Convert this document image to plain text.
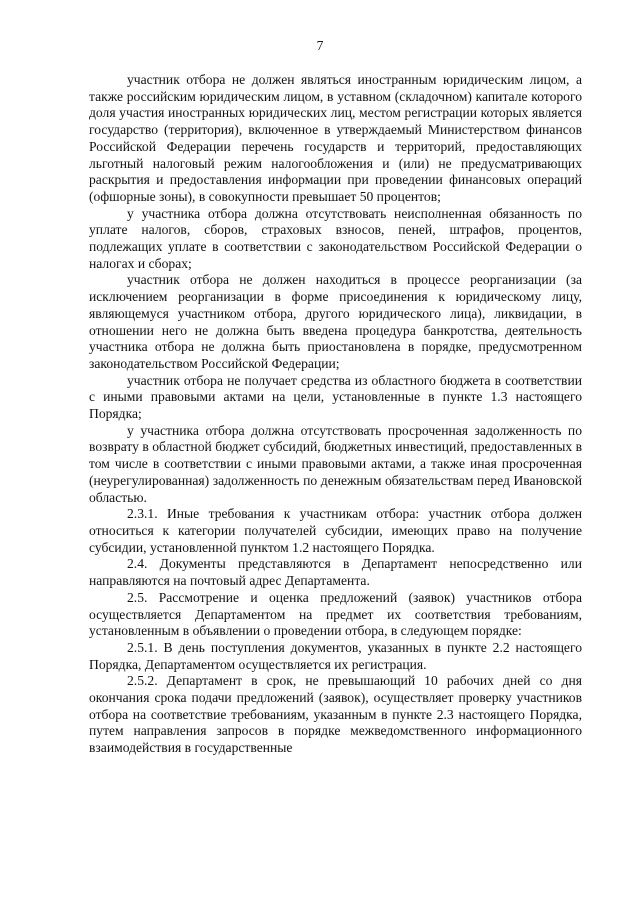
7

участник отбора не должен являться иностранным юридическим лицом, а также российским юридическим лицом, в уставном (складочном) капитале которого доля участия иностранных юридических лиц, местом регистрации которых является государство (территория), включенное в утверждаемый Министерством финансов Российской Федерации перечень государств и территорий, предоставляющих льготный налоговый режим налогообложения и (или) не предусматривающих раскрытия и предоставления информации при проведении финансовых операций (офшорные зоны), в совокупности превышает 50 процентов;

у участника отбора должна отсутствовать неисполненная обязанность по уплате налогов, сборов, страховых взносов, пеней, штрафов, процентов, подлежащих уплате в соответствии с законодательством Российской Федерации о налогах и сборах;

участник отбора не должен находиться в процессе реорганизации (за исключением реорганизации в форме присоединения к юридическому лицу, являющемуся участником отбора, другого юридического лица), ликвидации, в отношении него не должна быть введена процедура банкротства, деятельность участника отбора не должна быть приостановлена в порядке, предусмотренном законодательством Российской Федерации;

участник отбора не получает средства из областного бюджета в соответствии с иными правовыми актами на цели, установленные в пункте 1.3 настоящего Порядка;

у участника отбора должна отсутствовать просроченная задолженность по возврату в областной бюджет субсидий, бюджетных инвестиций, предоставленных в том числе в соответствии с иными правовыми актами, а также иная просроченная (неурегулированная) задолженность по денежным обязательствам перед Ивановской областью.

2.3.1. Иные требования к участникам отбора: участник отбора должен относиться к категории получателей субсидии, имеющих право на получение субсидии, установленной пунктом 1.2 настоящего Порядка.

2.4. Документы представляются в Департамент непосредственно или направляются на почтовый адрес Департамента.

2.5. Рассмотрение и оценка предложений (заявок) участников отбора осуществляется Департаментом на предмет их соответствия требованиям, установленным в объявлении о проведении отбора, в следующем порядке:

2.5.1. В день поступления документов, указанных в пункте 2.2 настоящего Порядка, Департаментом осуществляется их регистрация.

2.5.2. Департамент в срок, не превышающий 10 рабочих дней со дня окончания срока подачи предложений (заявок), осуществляет проверку участников отбора на соответствие требованиям, указанным в пункте 2.3 настоящего Порядка, путем направления запросов в порядке межведомственного информационного взаимодействия в государственные
